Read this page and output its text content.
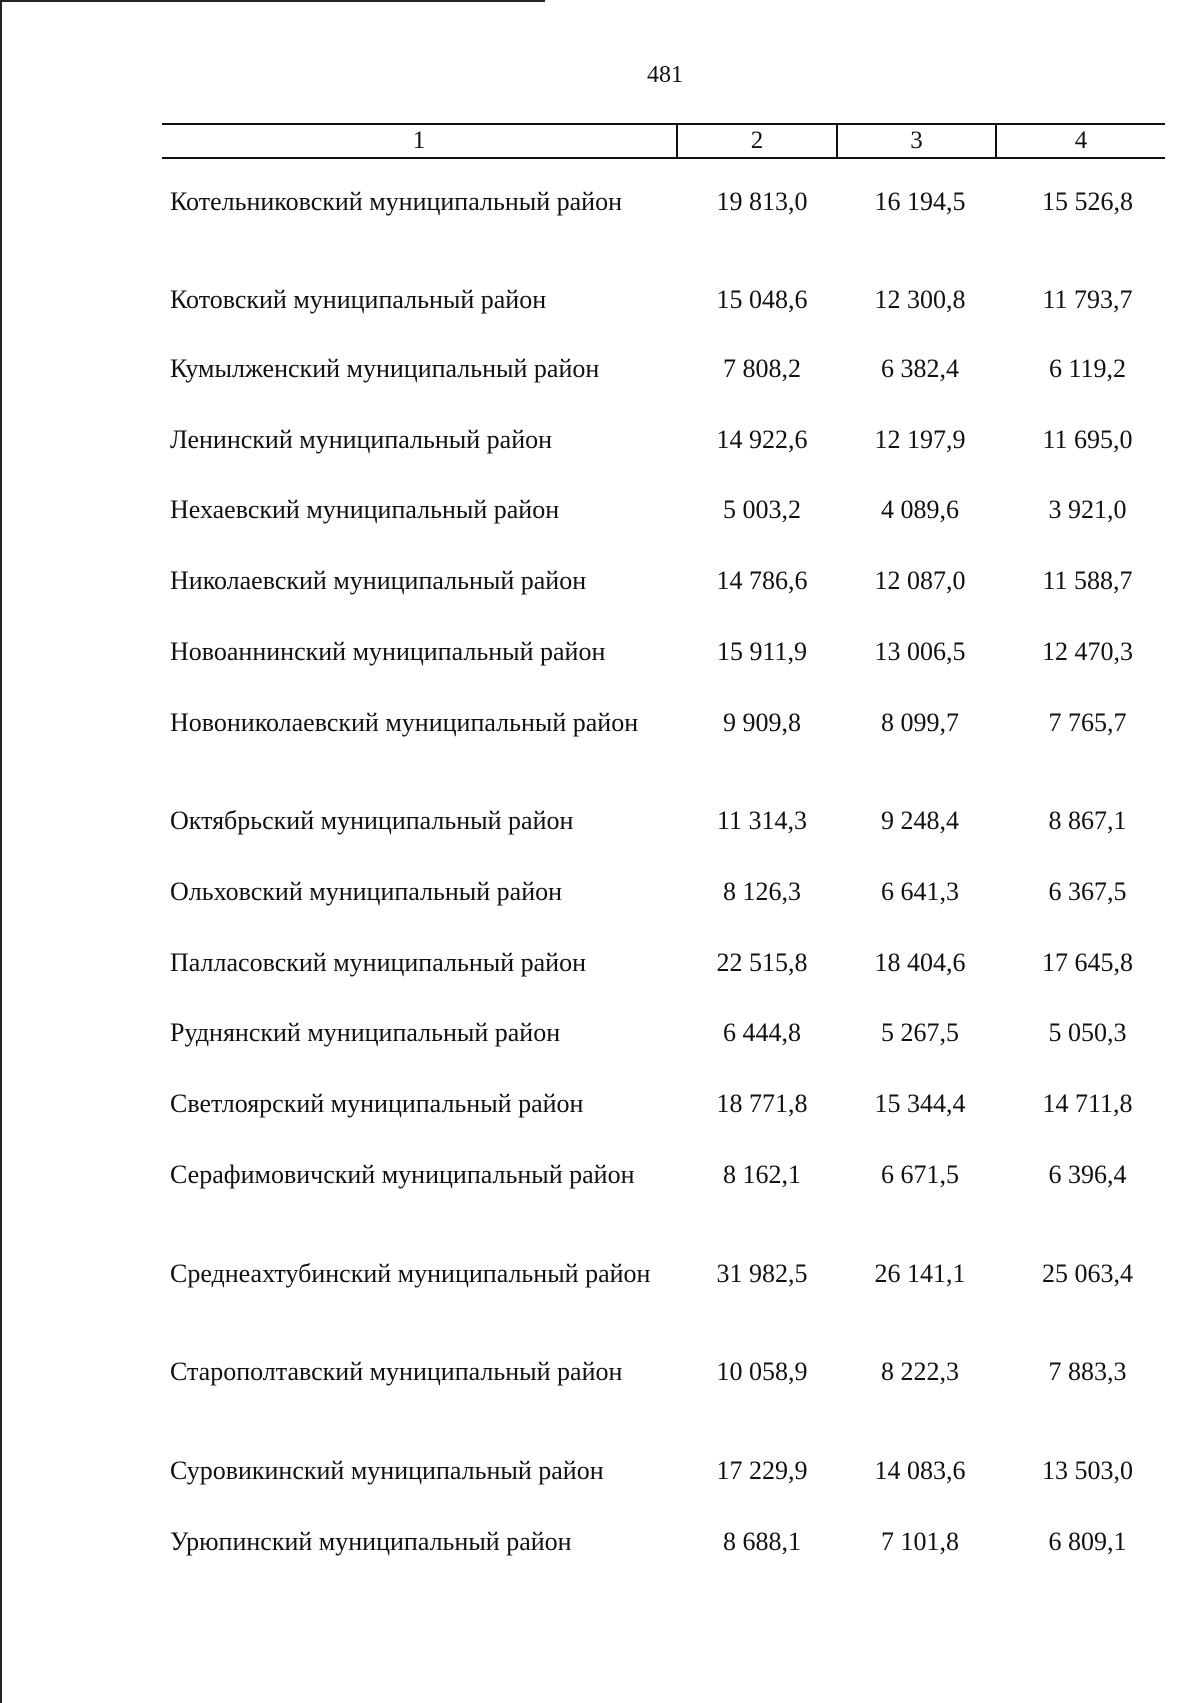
481
1	2	3	4
Котельниковский муниципальный район	19 813,0	16 194,5	15 526,8
Котовский муниципальный район	15 048,6	12 300,8	11 793,7
Кумылженский муниципальный район	7 808,2	6 382,4	6 119,2
Ленинский муниципальный район	14 922,6	12 197,9	11 695,0
Нехаевский муниципальный район	5 003,2	4 089,6	3 921,0
Николаевский муниципальный район	14 786,6	12 087,0	11 588,7
Новоаннинский муниципальный район	15 911,9	13 006,5	12 470,3
Новониколаевский муниципальный район	9 909,8	8 099,7	7 765,7
Октябрьский муниципальный район	11 314,3	9 248,4	8 867,1
Ольховский муниципальный район	8 126,3	6 641,3	6 367,5
Палласовский муниципальный район	22 515,8	18 404,6	17 645,8
Руднянский муниципальный район	6 444,8	5 267,5	5 050,3
Светлоярский муниципальный район	18 771,8	15 344,4	14 711,8
Серафимовичский муниципальный район	8 162,1	6 671,5	6 396,4
Среднеахтубинский муниципальный район	31 982,5	26 141,1	25 063,4
Старополтавский муниципальный район	10 058,9	8 222,3	7 883,3
Суровикинский муниципальный район	17 229,9	14 083,6	13 503,0
Урюпинский муниципальный район	8 688,1	7 101,8	6 809,1
